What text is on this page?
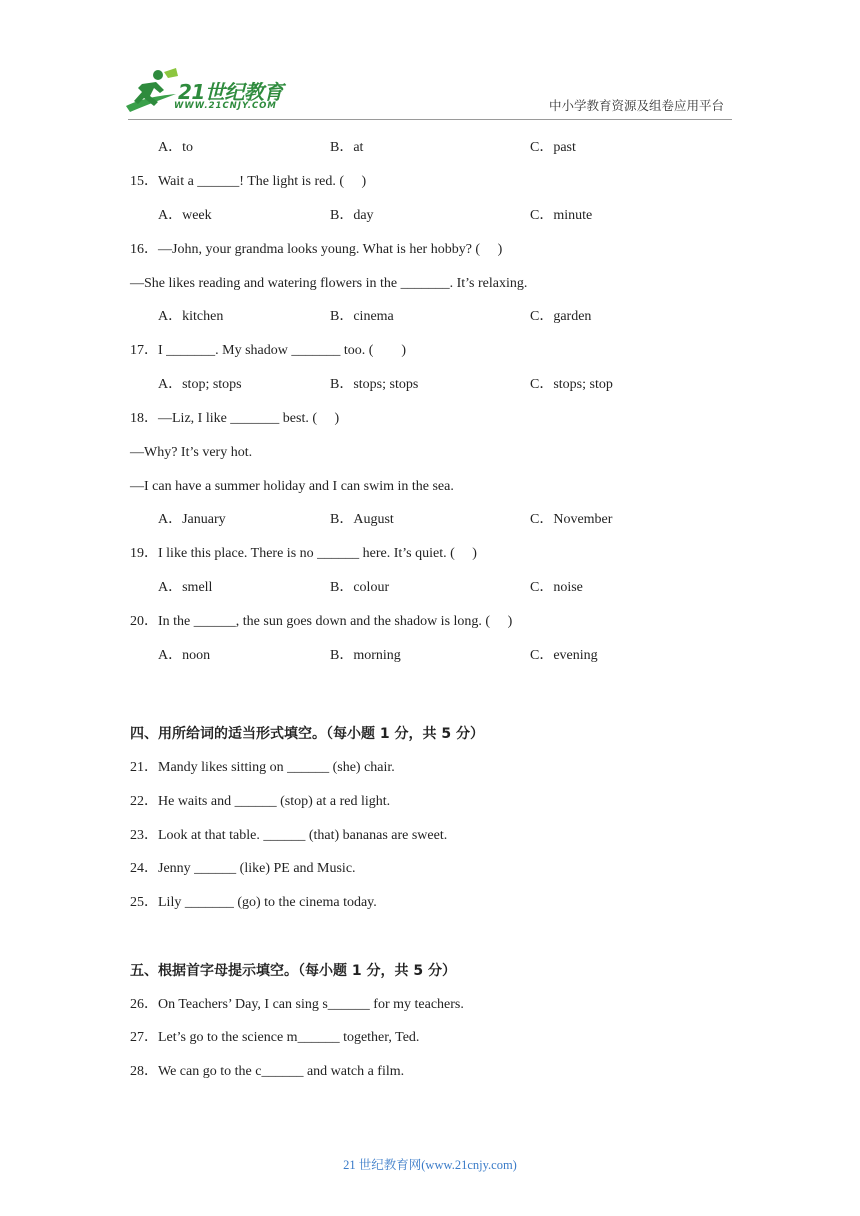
21世纪教育
WWW.21CNJY.COM	中小学教育资源及组卷应用平台
A．to	B．at	C．past
15．Wait a ______! The light is red. (　 )
A．week	B．day	C．minute
16．—John, your grandma looks young. What is her hobby? (　 )
—She likes reading and watering flowers in the _______. It’s relaxing.
A．kitchen	B．cinema	C．garden
17．I _______. My shadow _______ too. (　　)
A．stop; stops	B．stops; stops	C．stops; stop
18．—Liz, I like _______ best. (　 )
—Why? It’s very hot.
—I can have a summer holiday and I can swim in the sea.
A．January	B．August	C．November
19．I like this place. There is no ______ here. It’s quiet. (　 )
A．smell	B．colour	C．noise
20．In the ______, the sun goes down and the shadow is long. (　 )
A．noon	B．morning	C．evening
四、用所给词的适当形式填空。（每小题 1 分，共 5 分）
21．Mandy likes sitting on ______ (she) chair.
22．He waits and ______ (stop) at a red light.
23．Look at that table. ______ (that) bananas are sweet.
24．Jenny ______ (like) PE and Music.
25．Lily _______ (go) to the cinema today.
五、根据首字母提示填空。（每小题 1 分，共 5 分）
26．On Teachers’ Day, I can sing s______ for my teachers.
27．Let’s go to the science m______ together, Ted.
28．We can go to the c______ and watch a film.
21 世纪教育网(www.21cnjy.com)
